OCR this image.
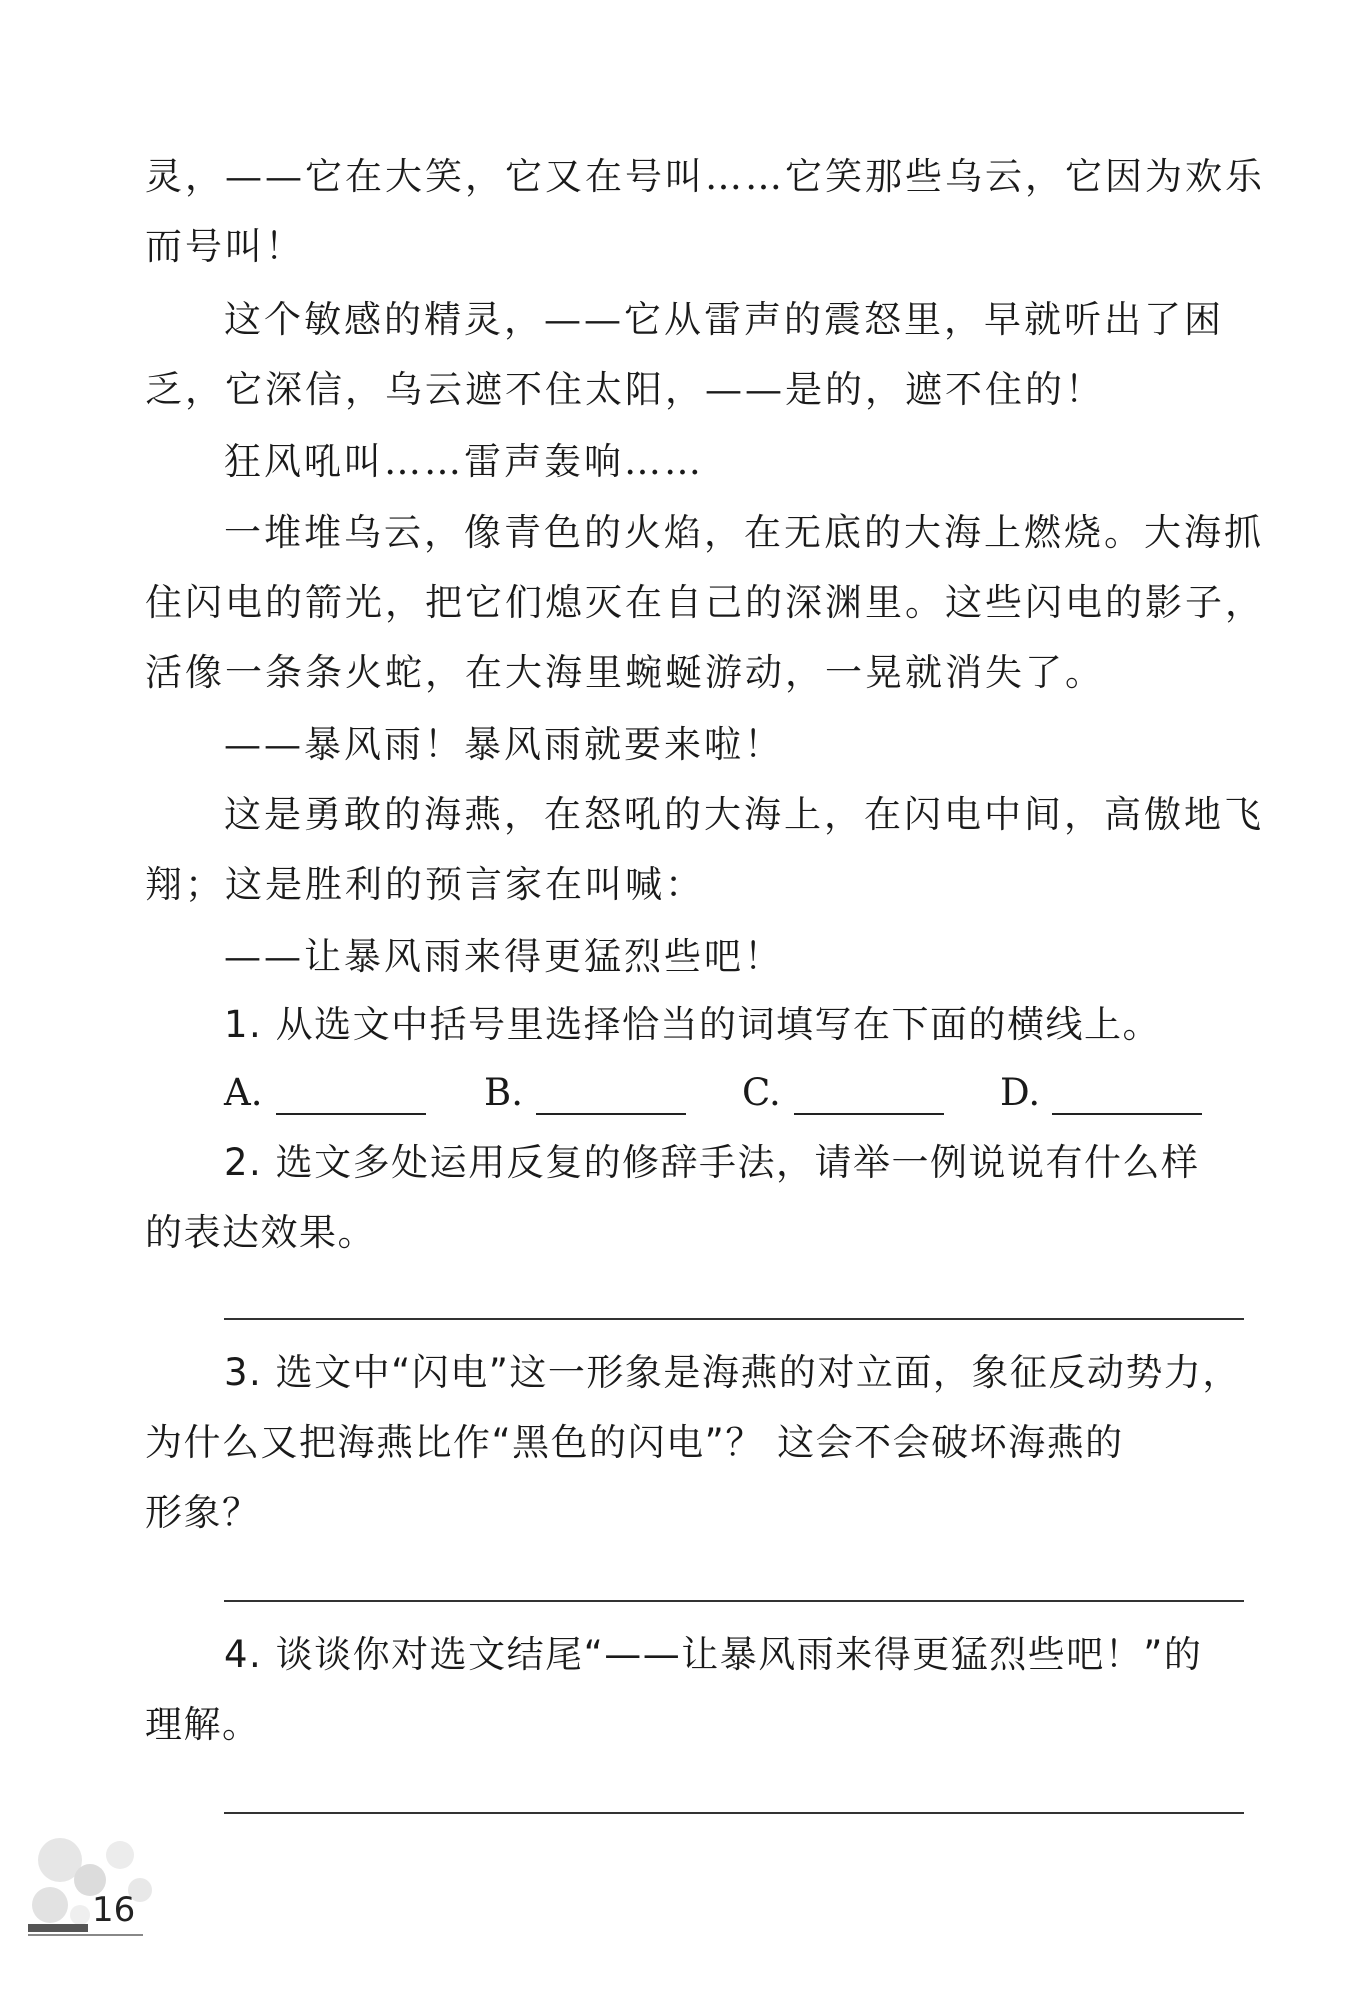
灵，——它在大笑，它又在号叫……它笑那些乌云，它因为欢乐
而号叫！
这个敏感的精灵，——它从雷声的震怒里，早就听出了困
乏，它深信，乌云遮不住太阳，——是的，遮不住的！
狂风吼叫……雷声轰响……
一堆堆乌云，像青色的火焰，在无底的大海上燃烧。大海抓
住闪电的箭光，把它们熄灭在自己的深渊里。这些闪电的影子，
活像一条条火蛇，在大海里蜿蜒游动，一晃就消失了。
——暴风雨！暴风雨就要来啦！
这是勇敢的海燕，在怒吼的大海上，在闪电中间，高傲地飞
翔；这是胜利的预言家在叫喊：
——让暴风雨来得更猛烈些吧！
1. 从选文中括号里选择恰当的词填写在下面的横线上。
A.	B.	C.	D.
2. 选文多处运用反复的修辞手法，请举一例说说有什么样
的表达效果。
3. 选文中“闪电”这一形象是海燕的对立面，象征反动势力，
为什么又把海燕比作“黑色的闪电”？ 这会不会破坏海燕的
形象？
4. 谈谈你对选文结尾“——让暴风雨来得更猛烈些吧！”的
理解。
16
